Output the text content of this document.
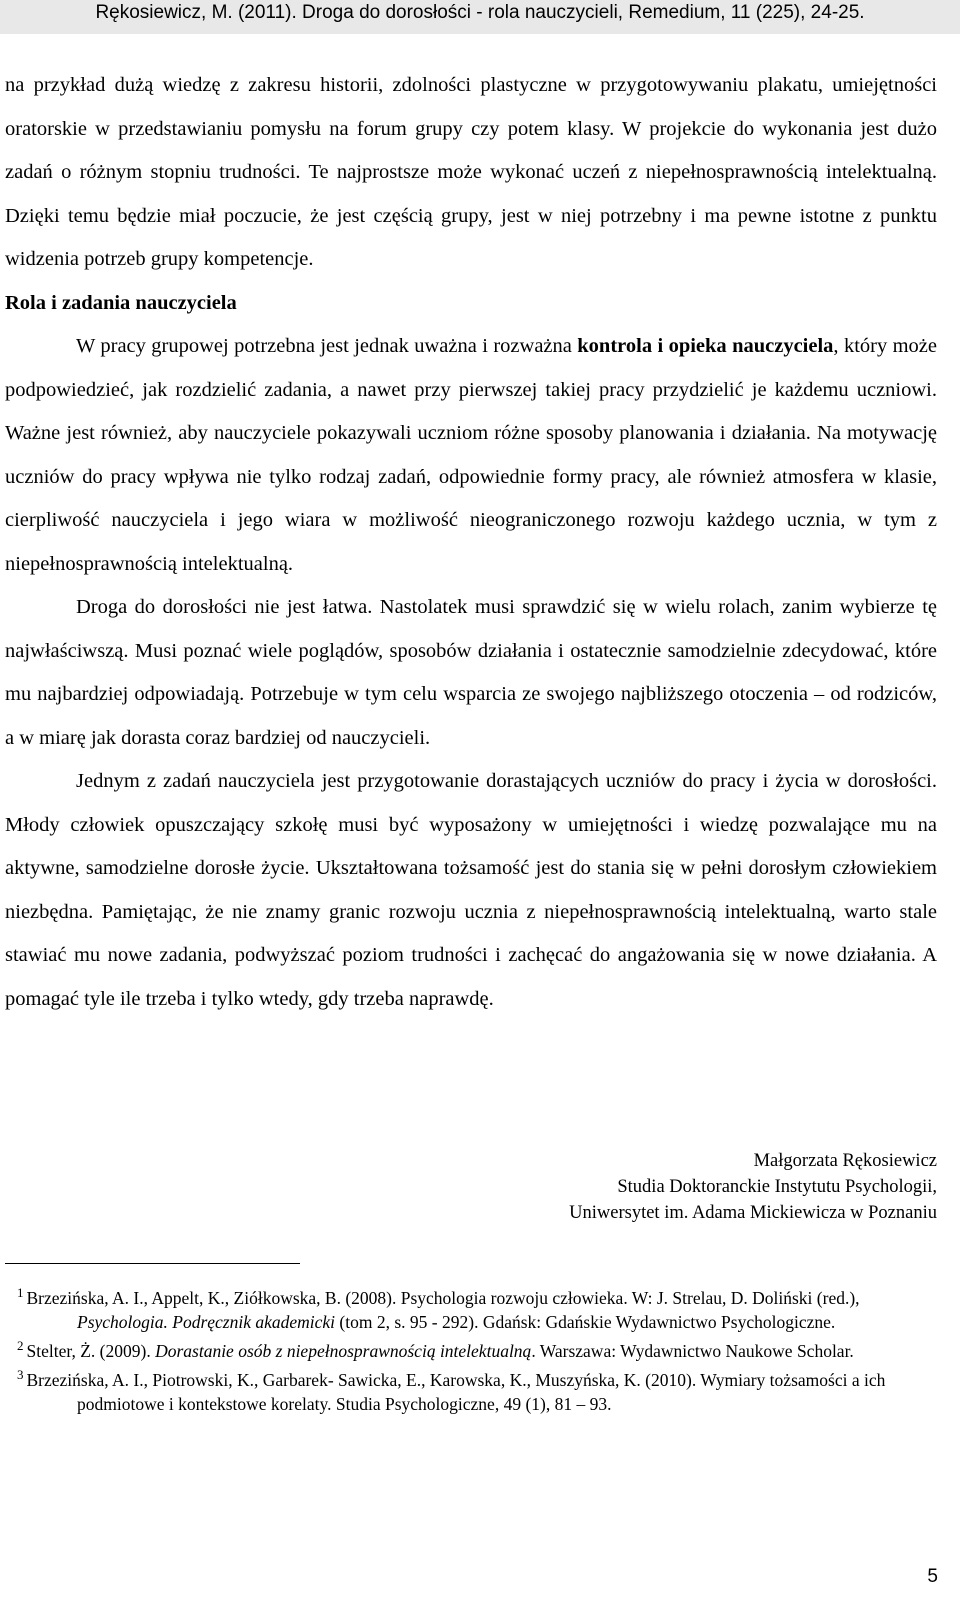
Rękosiewicz, M. (2011). Droga do dorosłości - rola nauczycieli, Remedium, 11 (225), 24-25.

na przykład dużą wiedzę z zakresu historii, zdolności plastyczne w przygotowywaniu plakatu, umiejętności oratorskie w przedstawianiu pomysłu na forum grupy czy potem klasy. W projekcie do wykonania jest dużo zadań o różnym stopniu trudności. Te najprostsze może wykonać uczeń z niepełnosprawnością intelektualną. Dzięki temu będzie miał poczucie, że jest częścią grupy, jest w niej potrzebny i ma pewne istotne z punktu widzenia potrzeb grupy kompetencje.

Rola i zadania nauczyciela

W pracy grupowej potrzebna jest jednak uważna i rozważna kontrola i opieka nauczyciela, który może podpowiedzieć, jak rozdzielić zadania, a nawet przy pierwszej takiej pracy przydzielić je każdemu uczniowi. Ważne jest również, aby nauczyciele pokazywali uczniom różne sposoby planowania i działania. Na motywację uczniów do pracy wpływa nie tylko rodzaj zadań, odpowiednie formy pracy, ale również atmosfera w klasie, cierpliwość nauczyciela i jego wiara w możliwość nieograniczonego rozwoju każdego ucznia, w tym z niepełnosprawnością intelektualną.

Droga do dorosłości nie jest łatwa. Nastolatek musi sprawdzić się w wielu rolach, zanim wybierze tę najwłaściwszą. Musi poznać wiele poglądów, sposobów działania i ostatecznie samodzielnie zdecydować, które mu najbardziej odpowiadają. Potrzebuje w tym celu wsparcia ze swojego najbliższego otoczenia – od rodziców, a w miarę jak dorasta coraz bardziej od nauczycieli.

Jednym z zadań nauczyciela jest przygotowanie dorastających uczniów do pracy i życia w dorosłości. Młody człowiek opuszczający szkołę musi być wyposażony w umiejętności i wiedzę pozwalające mu na aktywne, samodzielne dorosłe życie. Ukształtowana tożsamość jest do stania się w pełni dorosłym człowiekiem niezbędna. Pamiętając, że nie znamy granic rozwoju ucznia z niepełnosprawnością intelektualną, warto stale stawiać mu nowe zadania, podwyższać poziom trudności i zachęcać do angażowania się w nowe działania. A pomagać tyle ile trzeba i tylko wtedy, gdy trzeba naprawdę.

Małgorzata Rękosiewicz
Studia Doktoranckie Instytutu Psychologii,
Uniwersytet im. Adama Mickiewicza w Poznaniu

$^1$ Brzezińska, A. I., Appelt, K., Ziółkowska, B. (2008). Psychologia rozwoju człowieka. W: J. Strelau, D. Doliński (red.), Psychologia. Podręcznik akademicki (tom 2, s. 95 - 292). Gdańsk: Gdańskie Wydawnictwo Psychologiczne.

$^2$ Stelter, Ż. (2009). Dorastanie osób z niepełnosprawnością intelektualną. Warszawa: Wydawnictwo Naukowe Scholar.

$^3$ Brzezińska, A. I., Piotrowski, K., Garbarek- Sawicka, E., Karowska, K., Muszyńska, K. (2010). Wymiary tożsamości a ich podmiotowe i kontekstowe korelaty. Studia Psychologiczne, 49 (1), 81 – 93.

5
